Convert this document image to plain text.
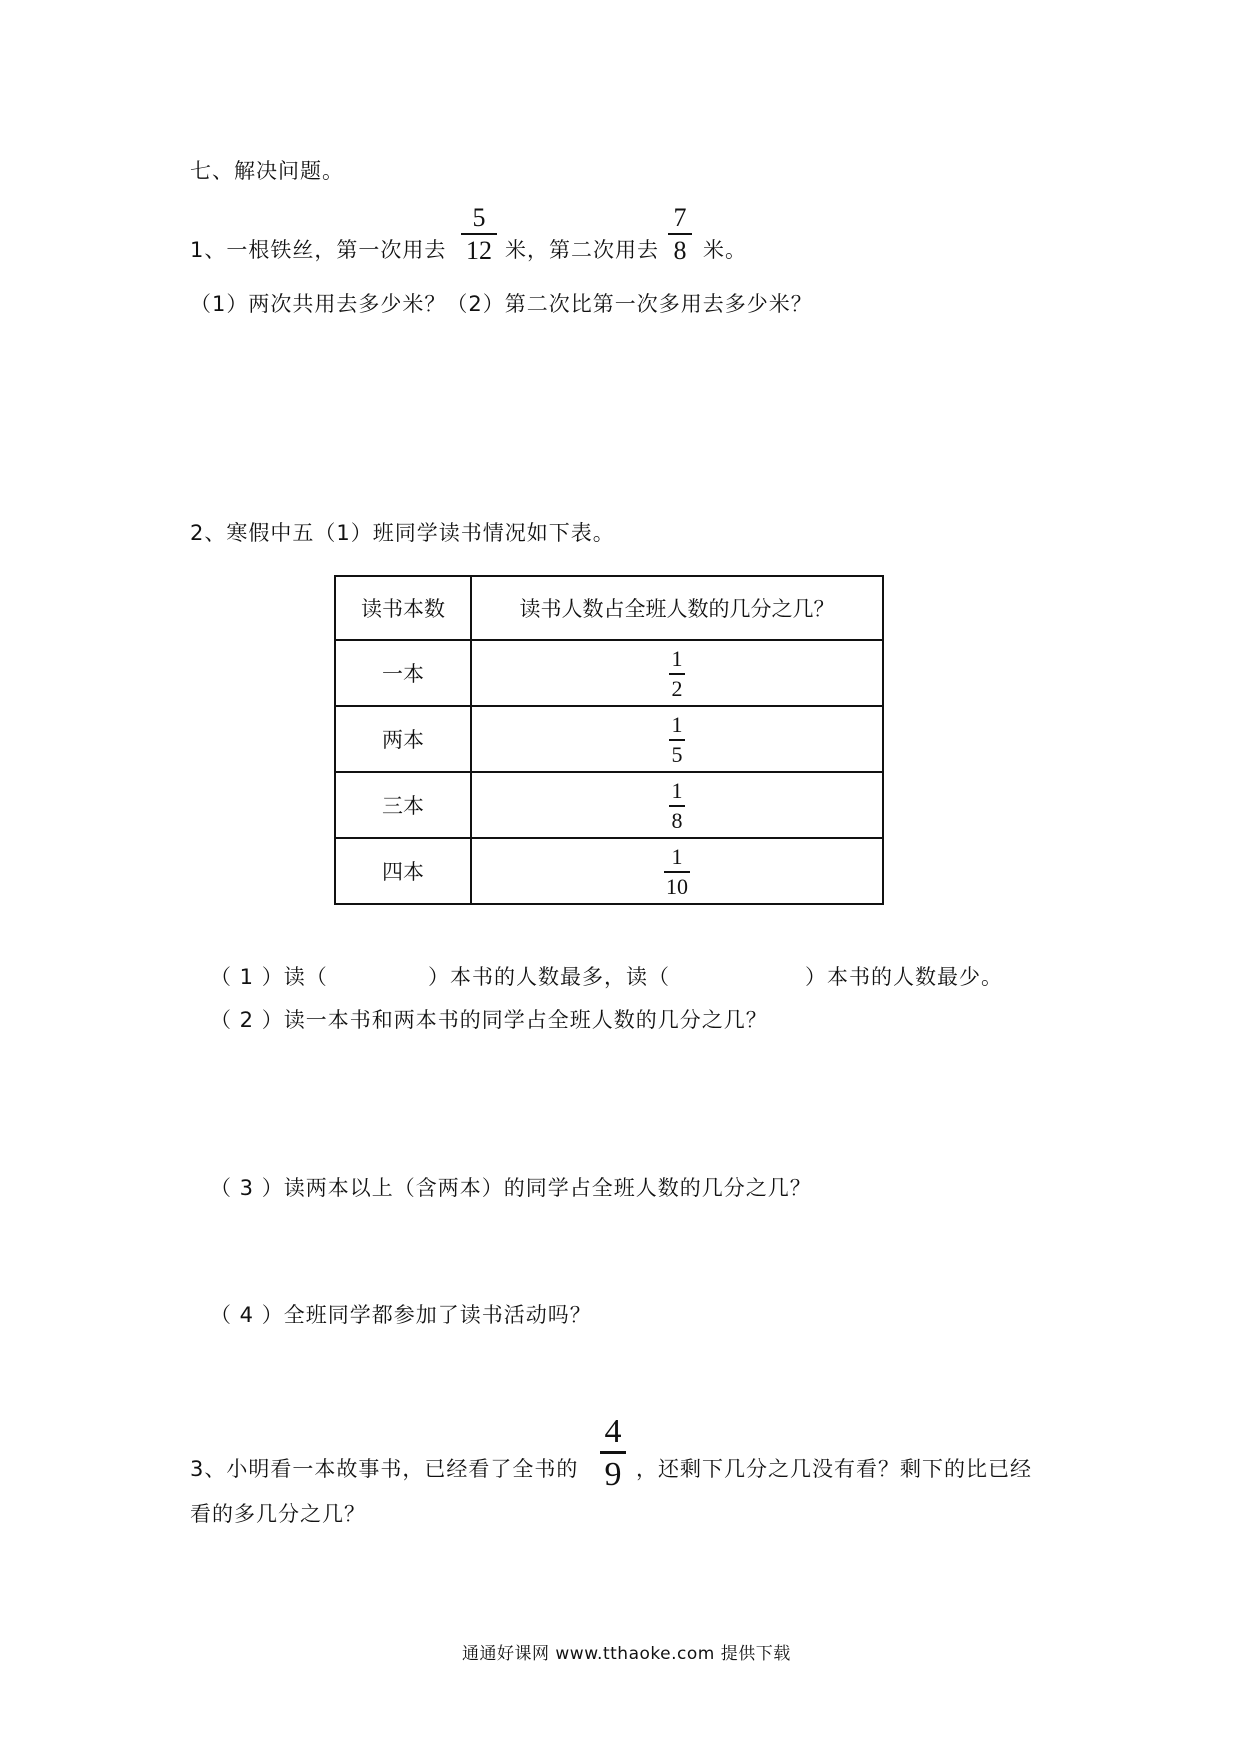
七、解决问题。
1、一根铁丝，第一次用去
5
12 米，第二次用去
7
8 米。
（1）两次共用去多少米？（2）第二次比第一次多用去多少米？
2、寒假中五（1）班同学读书情况如下表。
读书本数	读书人数占全班人数的几分之几？
一本	$\frac{1}{2}$

两本	$\frac{1}{5}$

三本	$\frac{1}{8}$

四本	$\frac{1}{10}$
（ 1 ）读（	）本书的人数最多，读（	）本书的人数最少。
（ 2 ）读一本书和两本书的同学占全班人数的几分之几？
（ 3 ）读两本以上（含两本）的同学占全班人数的几分之几？
（ 4 ）全班同学都参加了读书活动吗？
3、小明看一本故事书，已经看了全书的
4
9 ，还剩下几分之几没有看？剩下的比已经
看的多几分之几？
通通好课网 www.tthaoke.com 提供下载
